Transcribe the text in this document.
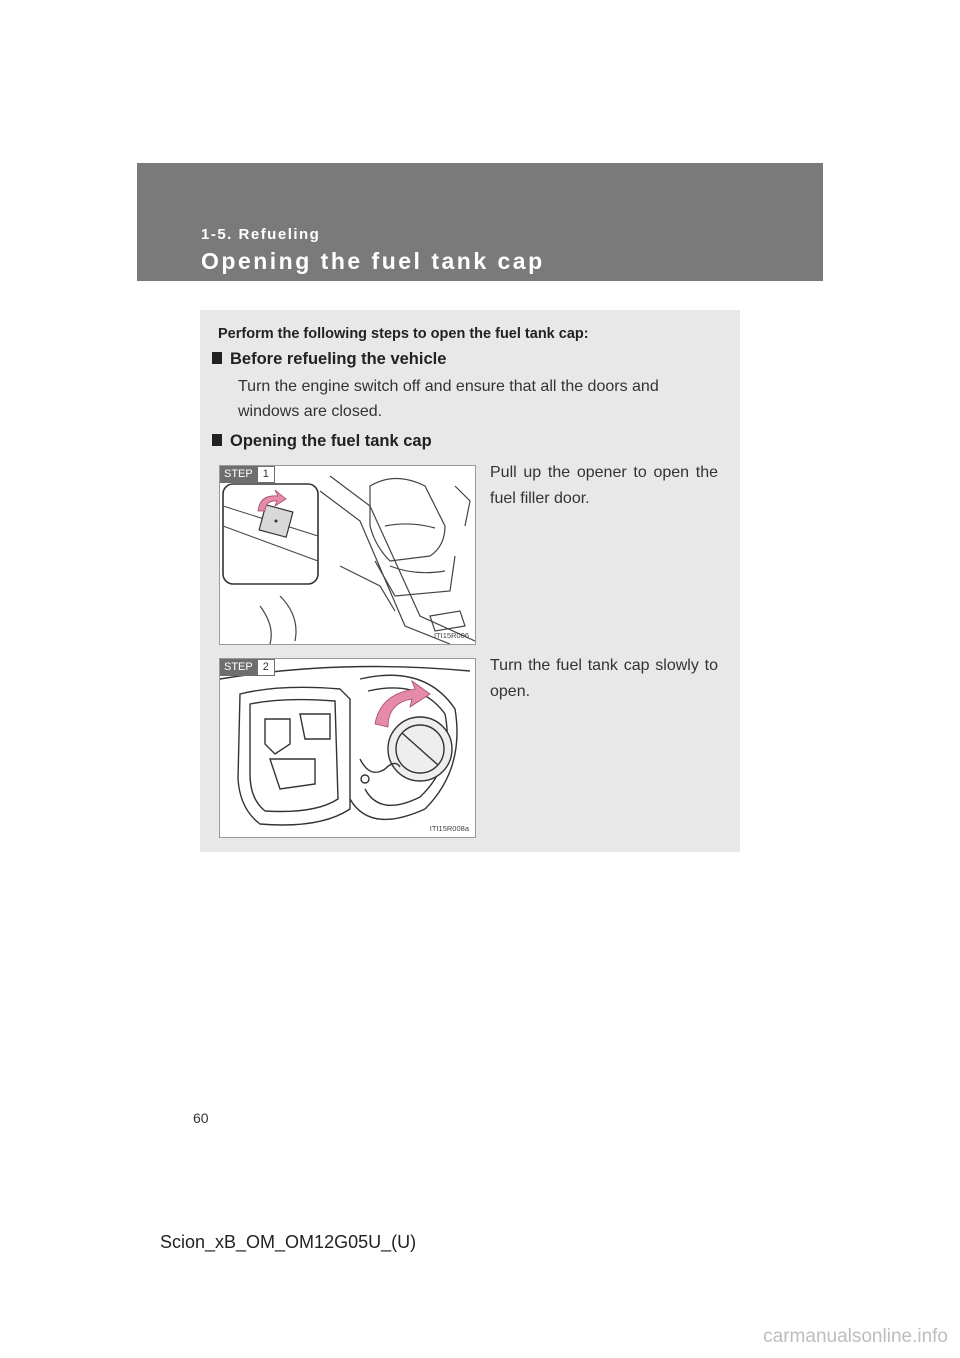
1-5. Refueling
Opening the fuel tank cap
Perform the following steps to open the fuel tank cap:
Before refueling the vehicle
Turn the engine switch off and ensure that all the doors and windows are closed.
Opening the fuel tank cap
STEP 1
ITI15R006
Pull up the opener to open the fuel filler door.
STEP 2
ITI15R008a
Turn the fuel tank cap slowly to open.
60
Scion_xB_OM_OM12G05U_(U)
carmanualsonline.info
